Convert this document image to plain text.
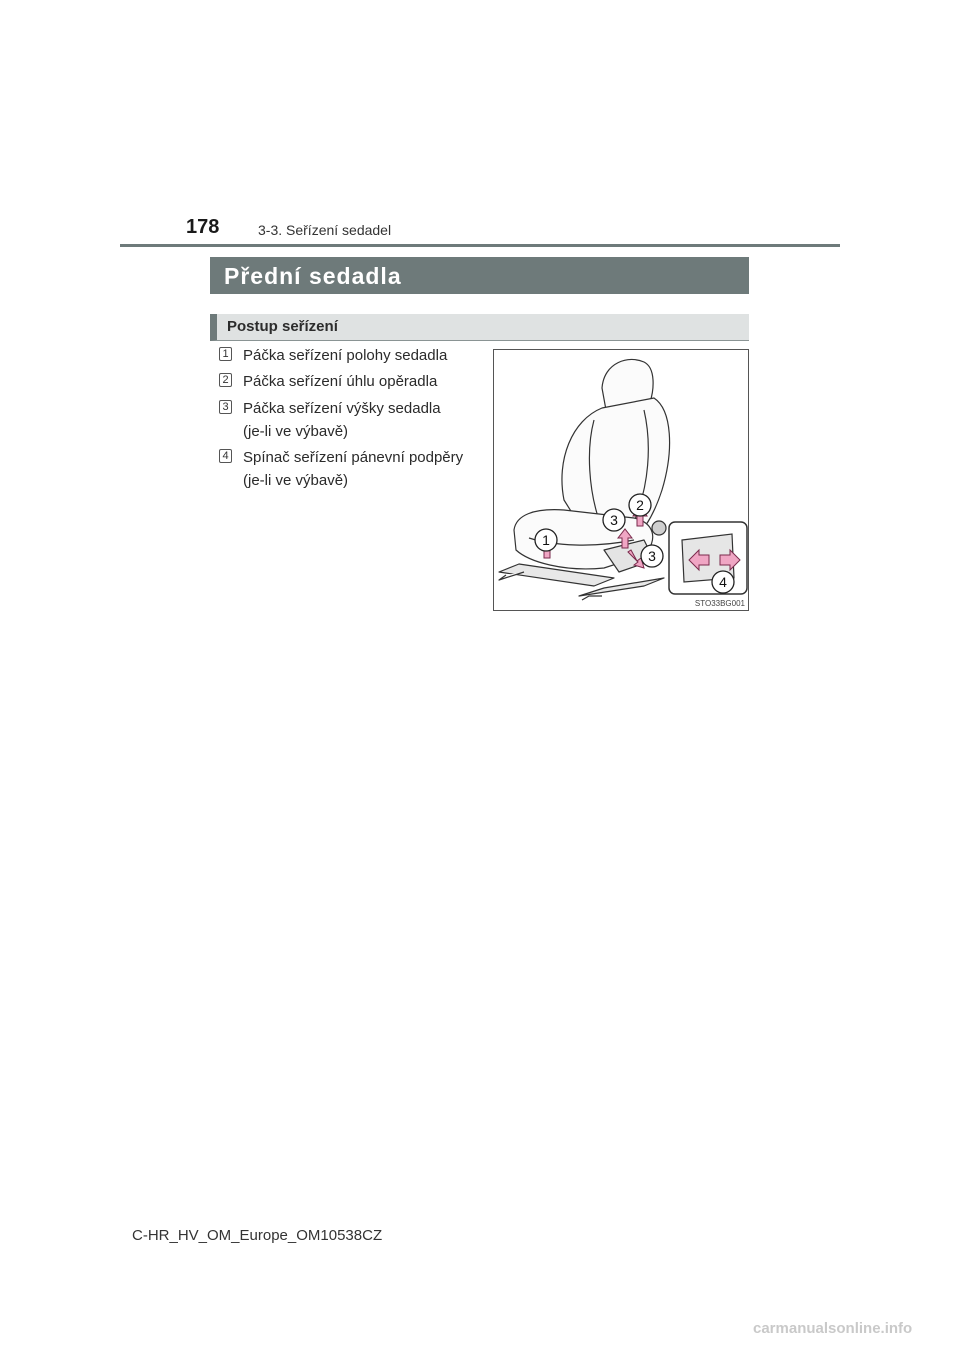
178	3-3. Seřízení sedadel
Přední sedadla
Postup seřízení
1 Páčka seřízení polohy sedadla
2 Páčka seřízení úhlu opěradla
3 Páčka seřízení výšky sedadla
(je-li ve výbavě)
4 Spínač seřízení pánevní podpěry
(je-li ve výbavě)
1
2
3
3
4
STO33BG001
C-HR_HV_OM_Europe_OM10538CZ
carmanualsonline.info
